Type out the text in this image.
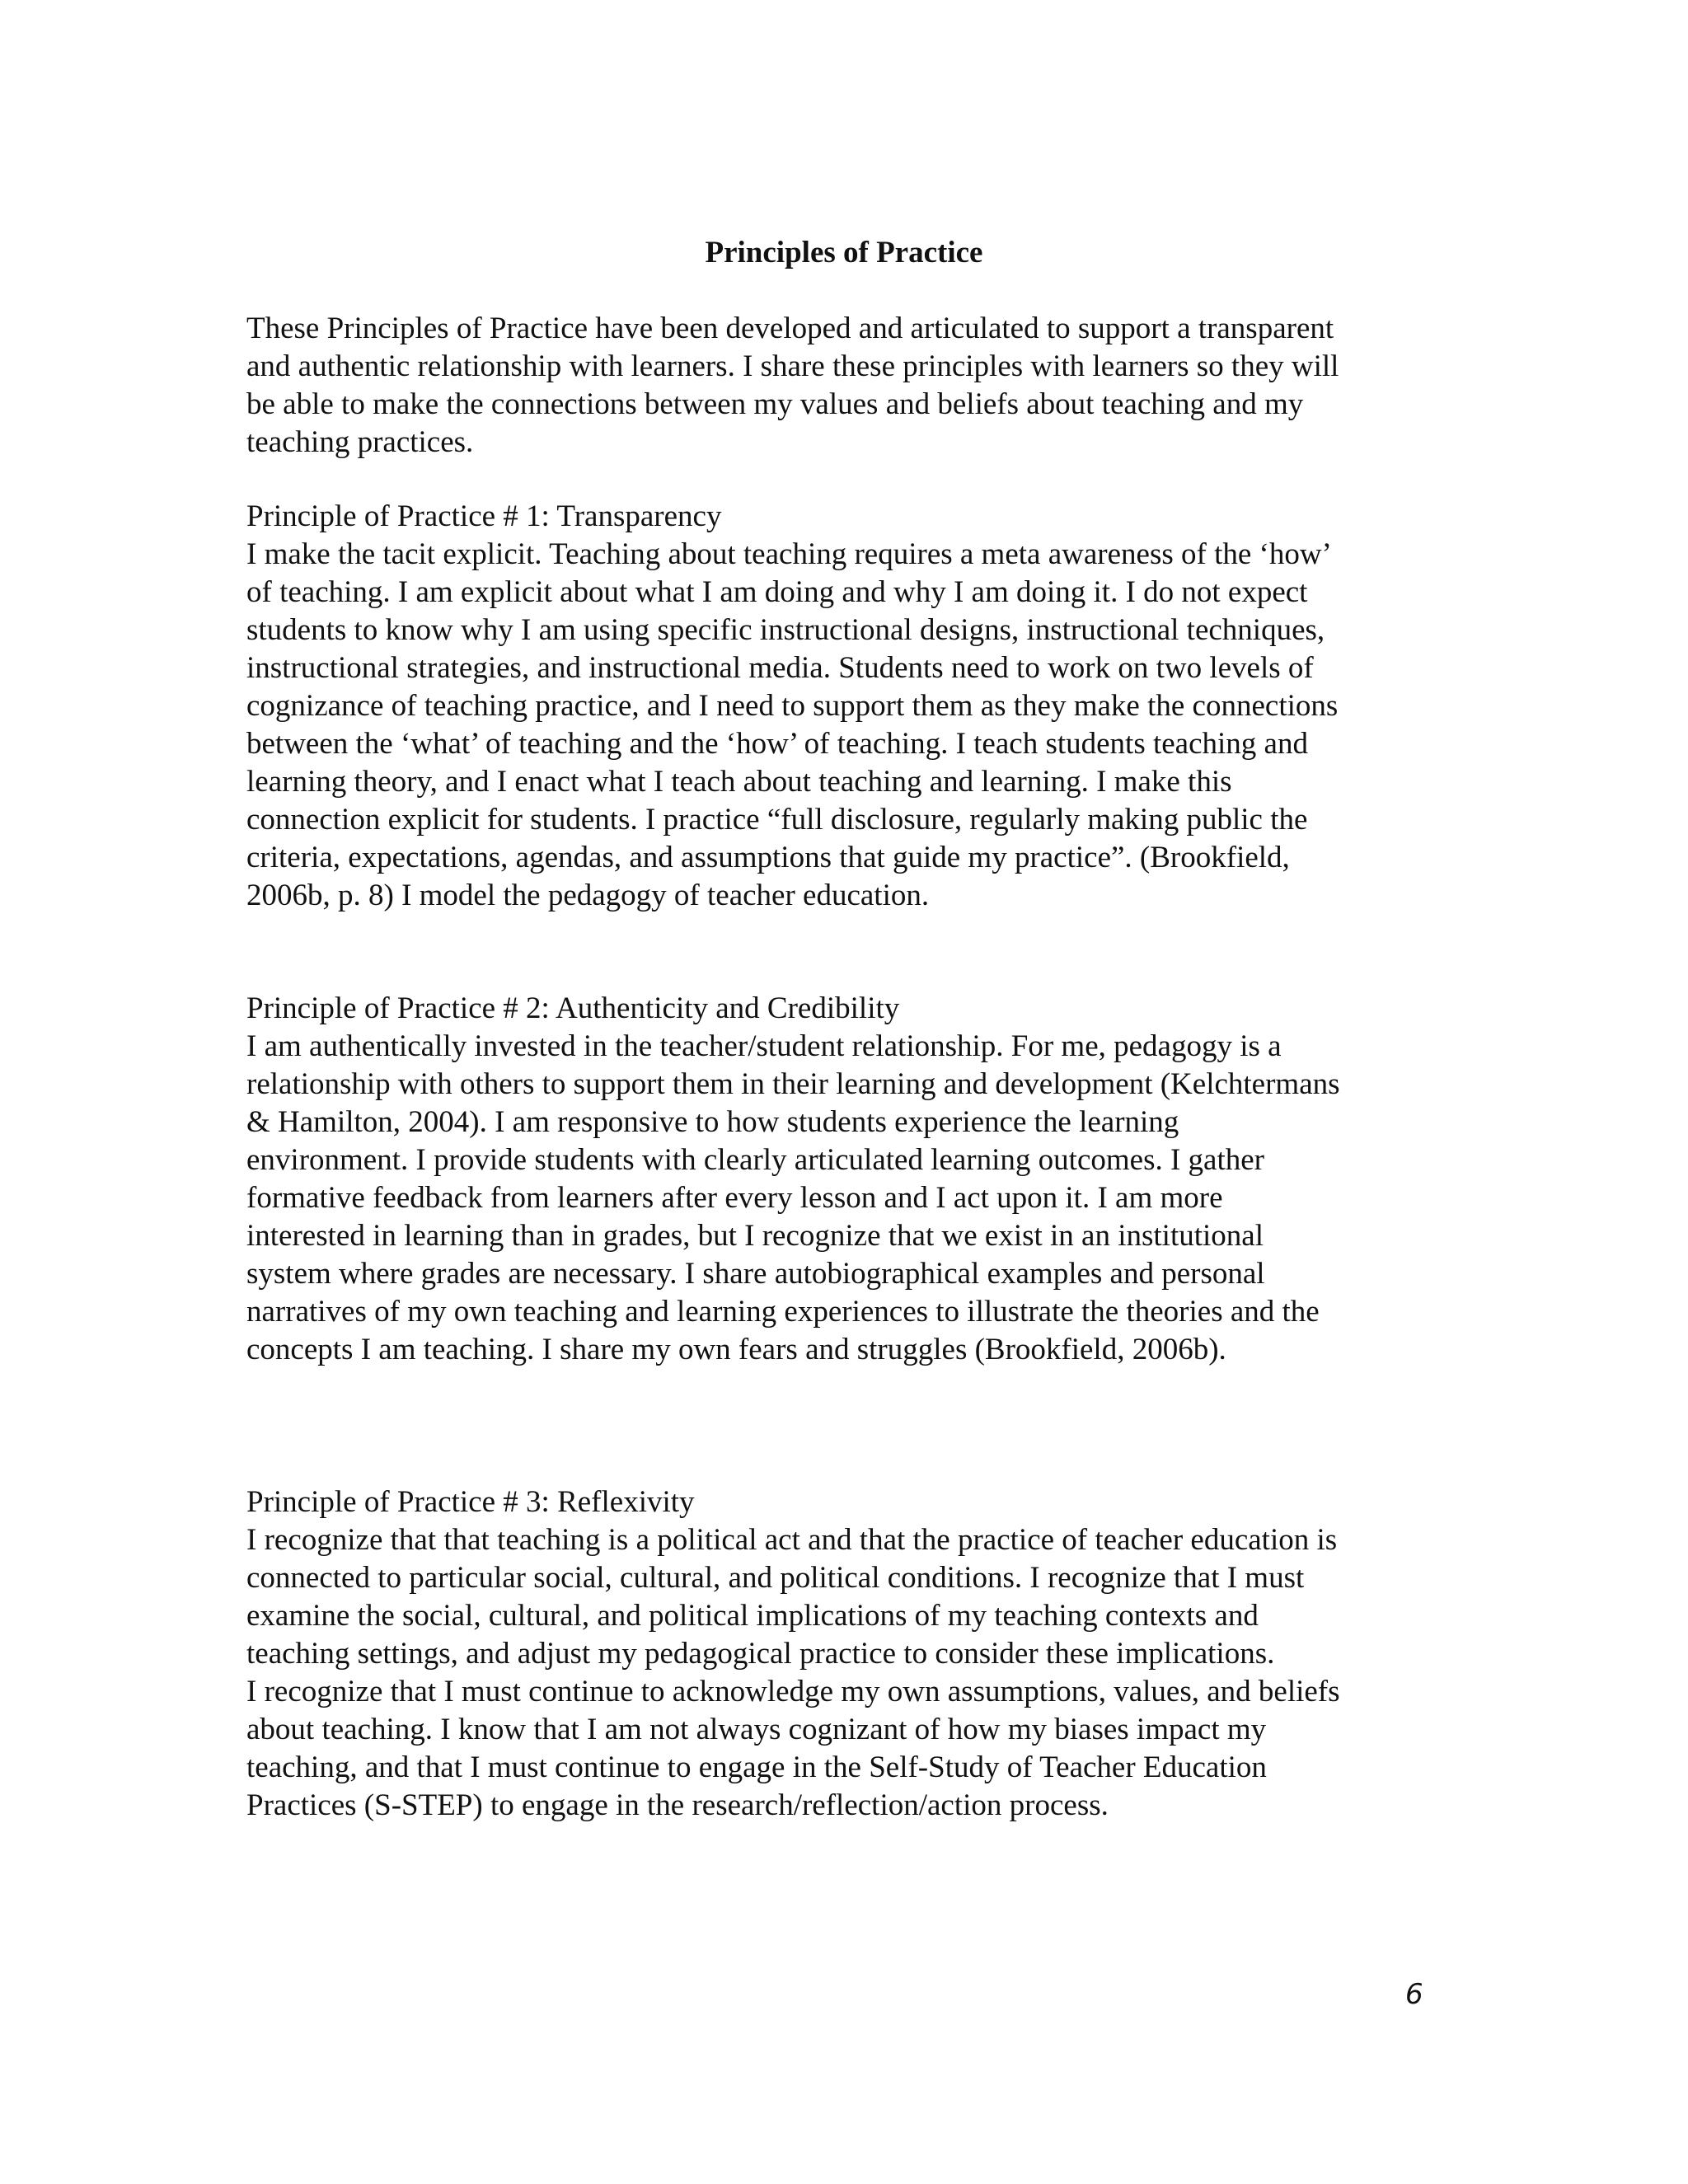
Principles of Practice
These Principles of Practice have been developed and articulated to support a transparent
and authentic relationship with learners. I share these principles with learners so they will
be able to make the connections between my values and beliefs about teaching and my
teaching practices.
Principle of Practice # 1: Transparency
I make the tacit explicit. Teaching about teaching requires a meta awareness of the ‘how’
of teaching. I am explicit about what I am doing and why I am doing it. I do not expect
students to know why I am using specific instructional designs, instructional techniques,
instructional strategies, and instructional media. Students need to work on two levels of
cognizance of teaching practice, and I need to support them as they make the connections
between the ‘what’ of teaching and the ‘how’ of teaching. I teach students teaching and
learning theory, and I enact what I teach about teaching and learning. I make this
connection explicit for students. I practice “full disclosure, regularly making public the
criteria, expectations, agendas, and assumptions that guide my practice”. (Brookfield,
2006b, p. 8) I model the pedagogy of teacher education.
Principle of Practice # 2: Authenticity and Credibility
I am authentically invested in the teacher/student relationship. For me, pedagogy is a
relationship with others to support them in their learning and development (Kelchtermans
& Hamilton, 2004). I am responsive to how students experience the learning
environment. I provide students with clearly articulated learning outcomes. I gather
formative feedback from learners after every lesson and I act upon it. I am more
interested in learning than in grades, but I recognize that we exist in an institutional
system where grades are necessary. I share autobiographical examples and personal
narratives of my own teaching and learning experiences to illustrate the theories and the
concepts I am teaching. I share my own fears and struggles (Brookfield, 2006b).
Principle of Practice # 3: Reflexivity
I recognize that that teaching is a political act and that the practice of teacher education is
connected to particular social, cultural, and political conditions. I recognize that I must
examine the social, cultural, and political implications of my teaching contexts and
teaching settings, and adjust my pedagogical practice to consider these implications.
I recognize that I must continue to acknowledge my own assumptions, values, and beliefs
about teaching. I know that I am not always cognizant of how my biases impact my
teaching, and that I must continue to engage in the Self-Study of Teacher Education
Practices (S-STEP) to engage in the research/reflection/action process.
6
